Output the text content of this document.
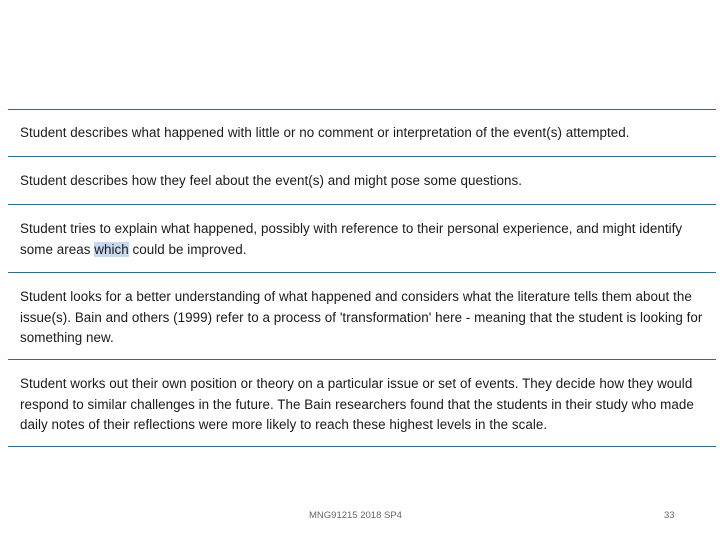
Student describes what happened with little or no comment or interpretation of the event(s) attempted.

Student describes how they feel about the event(s) and might pose some questions.

Student tries to explain what happened, possibly with reference to their personal experience, and might identify some areas which could be improved.

Student looks for a better understanding of what happened and considers what the literature tells them about the issue(s). Bain and others (1999) refer to a process of 'transformation' here - meaning that the student is looking for something new.

Student works out their own position or theory on a particular issue or set of events. They decide how they would respond to similar challenges in the future. The Bain researchers found that the students in their study who made daily notes of their reflections were more likely to reach these highest levels in the scale.

MNG91215 2018 SP4	33
